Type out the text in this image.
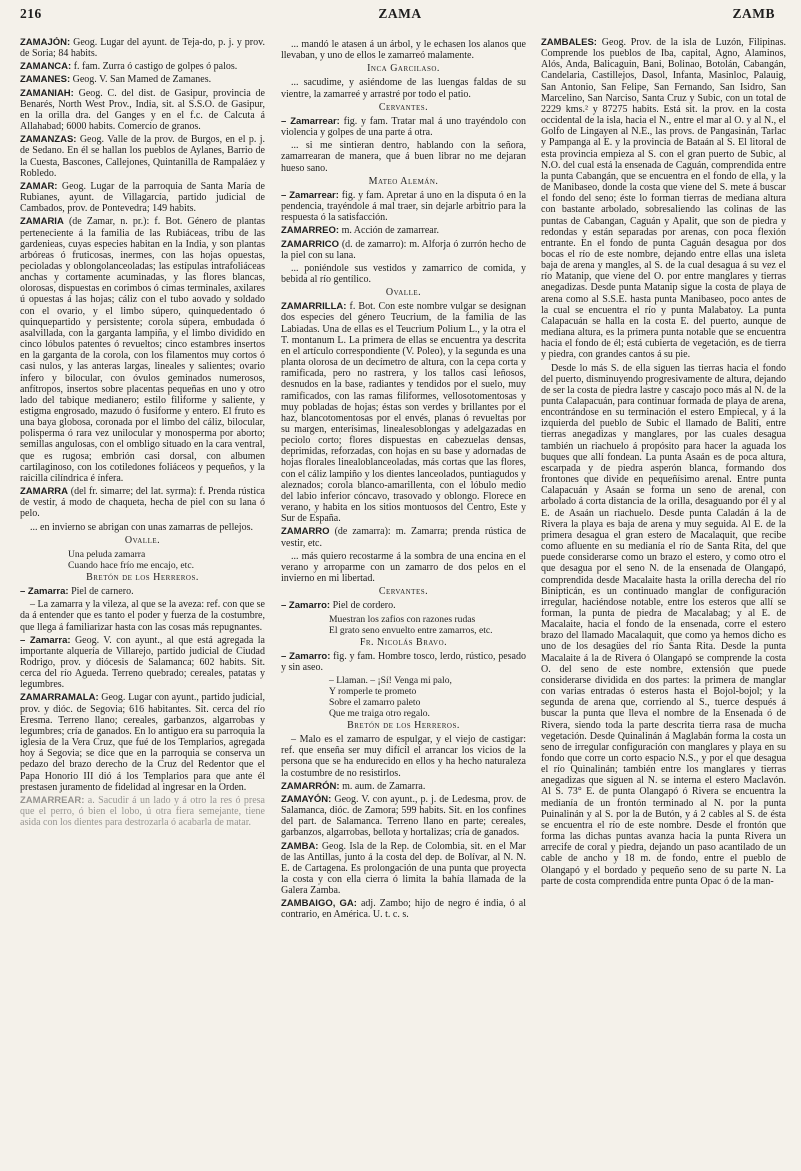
216	ZAMA	ZAMB

ZAMAJÓN: Geog. Lugar del ayunt. de Teja-do, p. j. y prov. de Soria; 84 habits.

ZAMANCA: f. fam. Zurra ó castigo de golpes ó palos.

ZAMANES: Geog. V. San Mamed de Zamanes.

ZAMANIAH: Geog. C. del dist. de Gasipur, provincia de Benarés, North West Prov., India, sit. al S.S.O. de Gasipur, en la orilla dra. del Ganges y en el f.c. de Calcuta á Allahabad; 6000 habits. Comercio de granos.

ZAMANZAS: Geog. Valle de la prov. de Burgos, en el p. j. de Sedano. En él se hallan los pueblos de Aylanes, Barrio de la Cuesta, Bascones, Callejones, Quintanilla de Rampaláez y Robledo.

ZAMAR: Geog. Lugar de la parroquia de Santa María de Rubianes, ayunt. de Villagarcía, partido judicial de Cambados, prov. de Pontevedra; 149 habits.

ZAMARIA (de Zamar, n. pr.): f. Bot. Género de plantas perteneciente á la familia de las Rubiáceas, tribu de las gardenieas, cuyas especies habitan en la India, y son plantas arbóreas ó fruticosas, inermes, con las hojas opuestas, pecioladas y oblongolanceoladas; las estípulas intrafoliáceas anchas y cortamente acuminadas, y las flores blancas, olorosas, dispuestas en corimbos ó cimas terminales, axilares ú opuestas á las hojas; cáliz con el tubo aovado y soldado con el ovario, y el limbo súpero, quinquedentado ó quinquepartido y persistente; corola súpera, embudada ó asalvillada, con la garganta lampiña, y el limbo dividido en cinco lóbulos patentes ó revueltos; cinco estambres insertos en la garganta de la corola, con los filamentos muy cortos ó casi nulos, y las anteras largas, lineales y salientes; ovario ínfero y bilocular, con óvulos geminados numerosos, anfítropos, insertos sobre placentas pequeñas en uno y otro lado del tabique medianero; estilo filiforme y saliente, y estigma engrosado, mazudo ó fusiforme y entero. El fruto es una baya globosa, coronada por el limbo del cáliz, bilocular, polisperma ó rara vez unilocular y monosperma por aborto; semillas angulosas, con el ombligo situado en la cara ventral, que es rugosa; embrión casi dorsal, con albumen cartilaginoso, con los cotiledones foliáceos y pequeños, y la raicilla cilíndrica é ínfera.

ZAMARRA (del fr. simarre; del lat. syrma): f. Prenda rústica de vestir, á modo de chaqueta, hecha de piel con su lana ó pelo.

... en invierno se abrigan con unas zamarras de pellejos.

Ovalle.

Una peluda zamarra

Cuando hace frío me encajo, etc.

Bretón de los Herreros.

– Zamarra: Piel de carnero.

– La zamarra y la vileza, al que se la aveza: ref. con que se da á entender que es tanto el poder y fuerza de la costumbre, que llega á familiarizar hasta con las cosas más repugnantes.

– Zamarra: Geog. V. con ayunt., al que está agregada la importante alquería de Villarejo, partido judicial de Ciudad Rodrigo, prov. y diócesis de Salamanca; 602 habits. Sit. cerca del río Agueda. Terreno quebrado; cereales, patatas y legumbres.

ZAMARRAMALA: Geog. Lugar con ayunt., partido judicial, prov. y dióc. de Segovia; 616 habitantes. Sit. cerca del río Eresma. Terreno llano; cereales, garbanzos, algarrobas y legumbres; cría de ganados. En lo antiguo era su parroquia la iglesia de la Vera Cruz, que fué de los Templarios, agregada hoy á Segovia; se dice que en la parroquia se conserva un pedazo del brazo derecho de la Cruz del Redentor que el Papa Honorio III dió á los Templarios para que ante él prestasen juramento de fidelidad al ingresar en la Orden.

ZAMARREAR: a. Sacudir á un lado y á otro la res ó presa que el perro, ó bien el lobo, ú otra fiera semejante, tiene asida con los dientes para destrozarla ó acabarla de matar.

... mandó le atasen á un árbol, y le echasen los alanos que llevaban, y uno de ellos le zamarreó malamente.

Inca Garcilaso.

... sacudime, y asiéndome de las luengas faldas de su vientre, la zamarreé y arrastré por todo el patio.

Cervantes.

– Zamarrear: fig. y fam. Tratar mal á uno trayéndolo con violencia y golpes de una parte á otra.

... si me sintieran dentro, hablando con la señora, zamarrearan de manera, que á buen librar no me dejaran hueso sano.

Mateo Alemán.

– Zamarrear: fig. y fam. Apretar á uno en la disputa ó en la pendencia, trayéndole á mal traer, sin dejarle arbitrio para la respuesta ó la satisfacción.

ZAMARREO: m. Acción de zamarrear.

ZAMARRICO (d. de zamarro): m. Alforja ó zurrón hecho de la piel con su lana.

... poniéndole sus vestidos y zamarrico de comida, y bebida al río gentílico.

Ovalle.

ZAMARRILLA: f. Bot. Con este nombre vulgar se designan dos especies del género Teucrium, de la familia de las Labiadas. Una de ellas es el Teucrium Polium L., y la otra el T. montanum L. La primera de ellas se encuentra ya descrita en el artículo correspondiente (V. Poleo), y la segunda es una planta olorosa de un decímetro de altura, con la cepa corta y ramificada, pero no rastrera, y los tallos casi leñosos, desnudos en la base, radiantes y tendidos por el suelo, muy ramificados, con las ramas filiformes, vellosotomentosas y muy pobladas de hojas; éstas son verdes y brillantes por el haz, blancotomentosas por el envés, planas ó revueltas por su margen, enterísimas, linealesoblongas y adelgazadas en peciolo corto; flores dispuestas en cabezuelas densas, deprimidas, reforzadas, con hojas en su base y adornadas de hojas florales linealoblanceoladas, más cortas que las flores, con el cáliz lampiño y los dientes lanceolados, puntiagudos y aleznados; corola blanco-amarillenta, con el lóbulo medio del labio inferior cóncavo, trasovado y oblongo. Florece en verano, y habita en los sitios montuosos del Centro, Este y Sur de España.

ZAMARRO (de zamarra): m. Zamarra; prenda rústica de vestir, etc.

... más quiero recostarme á la sombra de una encina en el verano y arroparme con un zamarro de dos pelos en el invierno en mi libertad.

Cervantes.

– Zamarro: Piel de cordero.

Muestran los zafios con razones rudas

El grato seno envuelto entre zamarros, etc.

Fr. Nicolás Bravo.

– Zamarro: fig. y fam. Hombre tosco, lerdo, rústico, pesado y sin aseo.

– Llaman. – ¡Sí! Venga mi palo,

Y romperle te prometo

Sobre el zamarro paleto

Que me traiga otro regalo.

Bretón de los Herreros.

– Malo es el zamarro de espulgar, y el viejo de castigar: ref. que enseña ser muy difícil el arrancar los vicios de la persona que se ha endurecido en ellos y ha hecho naturaleza la costumbre de no resistirlos.

ZAMARRÓN: m. aum. de Zamarra.

ZAMAYÓN: Geog. V. con ayunt., p. j. de Ledesma, prov. de Salamanca, dióc. de Zamora; 599 habits. Sit. en los confines del part. de Salamanca. Terreno llano en parte; cereales, garbanzos, algarrobas, bellota y hortalizas; cría de ganados.

ZAMBA: Geog. Isla de la Rep. de Colombia, sit. en el Mar de las Antillas, junto á la costa del dep. de Bolívar, al N. N. E. de Cartagena. Es prolongación de una punta que proyecta la costa y con ella cierra ó limita la bahía llamada de la Galera Zamba.

ZAMBAIGO, GA: adj. Zambo; hijo de negro é india, ó al contrario, en América. U. t. c. s.

ZAMBALES: Geog. Prov. de la isla de Luzón, Filipinas. Comprende los pueblos de Iba, capital, Agno, Alaminos, Alós, Anda, Balicaguin, Bani, Bolinao, Botolán, Cabangán, Candelaria, Castillejos, Dasol, Infanta, Masinloc, Palauig, San Antonio, San Felipe, San Fernando, San Isidro, San Marcelino, San Narciso, Santa Cruz y Subic, con un total de 2229 kms.² y 87275 habits. Está sit. la prov. en la costa occidental de la isla, hacia el N., entre el mar al O. y al N., el Golfo de Lingayen al N.E., las provs. de Pangasinán, Tarlac y Pampanga al E. y la provincia de Bataán al S. El litoral de esta provincia empieza al S. con el gran puerto de Subic, al N.O. del cual está la ensenada de Caguán, comprendida entre la punta Cabangán, que se encuentra en el fondo de ella, y la de Manibaseo, donde la costa que viene del S. mete á buscar el fondo del seno; éste lo forman tierras de mediana altura con bastante arbolado, sobresaliendo las colinas de las puntas de Cabangan, Caguán y Apalit, que son de piedra y redondas y están separadas por arenas, con poca flexión entrante. En el fondo de punta Caguán desagua por dos bocas el río de este nombre, dejando entre ellas una isleta baja de arena y mangles, al S. de la cual desagua á su vez el río Matanip, que viene del O. por entre manglares y tierras anegadizas. Desde punta Matanip sigue la costa de playa de arena como al S.S.E. hasta punta Manibaseo, poco antes de la cual se encuentra el río y punta Malabatoy. La punta Calapacuán se halla en la costa E. del puerto, aunque de mediana altura, es la primera punta notable que se encuentra hacia el fondo de él; está cubierta de vegetación, es de tierra y piedra, con grandes cantos á su pie.

Desde lo más S. de ella siguen las tierras hacia el fondo del puerto, disminuyendo progresivamente de altura, dejando de ser la costa de piedra lastre y cascajo poco más al N. de la punta Calapacuán, para continuar formada de playa de arena, encontrándose en su terminación el estero Empiecal, y á la izquierda del pueblo de Subic el llamado de Balití, entre tierras anegadizas y manglares, por las cuales desagua también un riachuelo á propósito para hacer la aguada los buques que allí fondean. La punta Asaán es de poca altura, escarpada y de piedra asperón blanca, formando dos frontones que divide en pequeñísimo arenal. Entre punta Calapacuán y Asaán se forma un seno de arenal, con arbolado á corta distancia de la orilla, desaguando por él y al E. de Asaán un riachuelo. Desde punta Caladán á la de Rivera la playa es baja de arena y muy seguida. Al E. de la primera desagua el gran estero de Macalaquit, que recibe como afluente en su medianía el río de Santa Rita, del que puede considerarse como un brazo el estero, y como otro el que desagua por el seno N. de la ensenada de Olangapó, comprendida desde Macalaite hasta la orilla derecha del río Binipticán, es un continuado manglar de configuración irregular, haciéndose notable, entre los esteros que allí se forman, la punta de piedra de Macalabag; y al E. de Macalaite, hacia el fondo de la ensenada, corre el estero brazo del llamado Macalaquit, que como ya hemos dicho es uno de los desagües del río Santa Rita. Desde la punta Macalaite á la de Rivera ó Olangapó se comprende la costa O. del seno de este nombre, extensión que puede considerarse dividida en dos partes: la primera de manglar con varias entradas ó esteros hasta el Bojol-bojol; y la segunda de arena que, corriendo al S., tuerce después á buscar la punta que lleva el nombre de la Ensenada ó de Rivera, siendo toda la parte descrita tierra rasa de mucha vegetación. Desde Quinalinán á Maglabán forma la costa un seno de irregular configuración con manglares y playa en su fondo que corre un corto espacio N.S., y por el que desagua el río Quinalinán; también entre los manglares y tierras anegadizas que siguen al N. se interna el estero Maclavón. Al S. 73° E. de punta Olangapó ó Rivera se encuentra la medianía de un frontón terminado al N. por la punta Puinalinán y al S. por la de Butón, y á 2 cables al S. de ésta se encuentra el río de este nombre. Desde el frontón que forma las dichas puntas avanza hacia la punta Rivera un arrecife de coral y piedra, dejando un paso acantilado de un cable de ancho y 18 m. de fondo, entre el pueblo de Olangapó y el bordado y pequeño seno de su parte N. La parte de costa comprendida entre punta Opac ó de la man-
